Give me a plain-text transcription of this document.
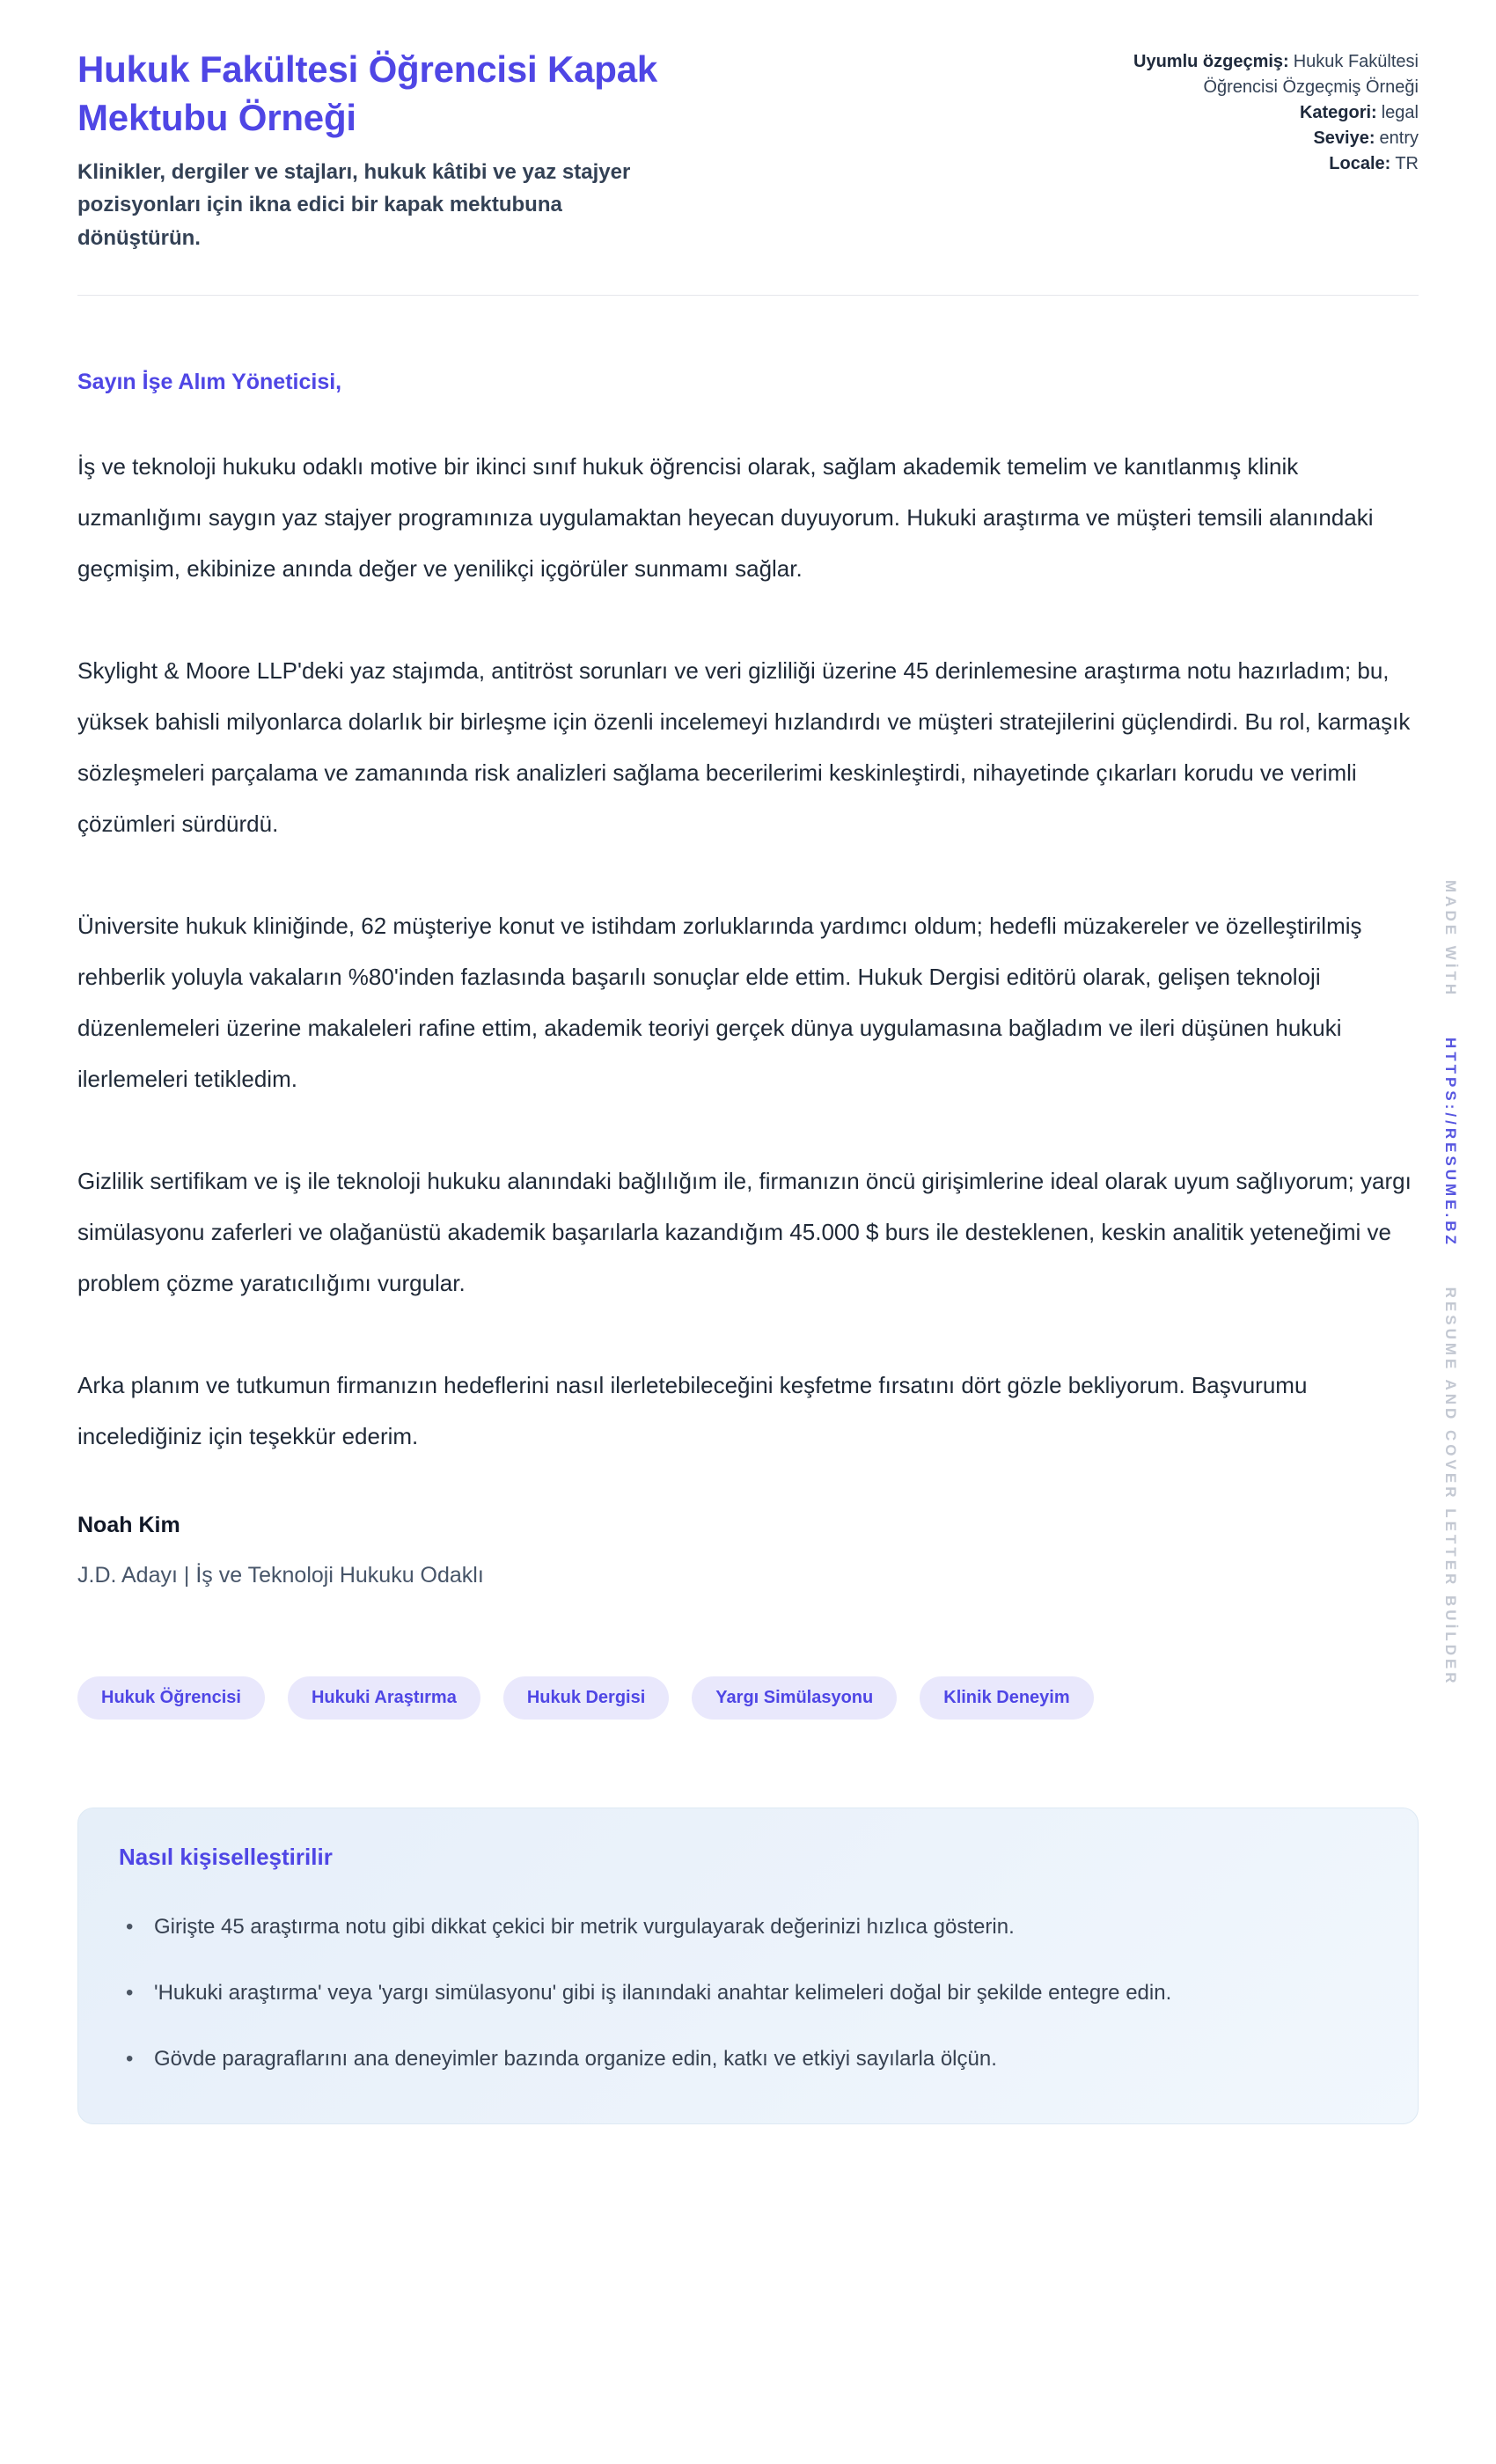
Hukuk Fakültesi Öğrencisi Kapak Mektubu Örneği
Klinikler, dergiler ve stajları, hukuk kâtibi ve yaz stajyer pozisyonları için ikna edici bir kapak mektubuna dönüştürün.
Uyumlu özgeçmiş: Hukuk Fakültesi Öğrencisi Özgeçmiş Örneği
Kategori: legal
Seviye: entry
Locale: TR
Sayın İşe Alım Yöneticisi,

İş ve teknoloji hukuku odaklı motive bir ikinci sınıf hukuk öğrencisi olarak, sağlam akademik temelim ve kanıtlanmış klinik uzmanlığımı saygın yaz stajyer programınıza uygulamaktan heyecan duyuyorum. Hukuki araştırma ve müşteri temsili alanındaki geçmişim, ekibinize anında değer ve yenilikçi içgörüler sunmamı sağlar.

Skylight & Moore LLP'deki yaz stajımda, antitröst sorunları ve veri gizliliği üzerine 45 derinlemesine araştırma notu hazırladım; bu, yüksek bahisli milyonlarca dolarlık bir birleşme için özenli incelemeyi hızlandırdı ve müşteri stratejilerini güçlendirdi. Bu rol, karmaşık sözleşmeleri parçalama ve zamanında risk analizleri sağlama becerilerimi keskinleştirdi, nihayetinde çıkarları korudu ve verimli çözümleri sürdürdü.

Üniversite hukuk kliniğinde, 62 müşteriye konut ve istihdam zorluklarında yardımcı oldum; hedefli müzakereler ve özelleştirilmiş rehberlik yoluyla vakaların %80'inden fazlasında başarılı sonuçlar elde ettim. Hukuk Dergisi editörü olarak, gelişen teknoloji düzenlemeleri üzerine makaleleri rafine ettim, akademik teoriyi gerçek dünya uygulamasına bağladım ve ileri düşünen hukuki ilerlemeleri tetikledim.

Gizlilik sertifikam ve iş ile teknoloji hukuku alanındaki bağlılığım ile, firmanızın öncü girişimlerine ideal olarak uyum sağlıyorum; yargı simülasyonu zaferleri ve olağanüstü akademik başarılarla kazandığım 45.000 $ burs ile desteklenen, keskin analitik yeteneğimi ve problem çözme yaratıcılığımı vurgular.

Arka planım ve tutkumun firmanızın hedeflerini nasıl ilerletebileceğini keşfetme fırsatını dört gözle bekliyorum. Başvurumu incelediğiniz için teşekkür ederim.

Noah Kim
J.D. Adayı | İş ve Teknoloji Hukuku Odaklı
Hukuk Öğrencisi	Hukuki Araştırma	Hukuk Dergisi	Yargı Simülasyonu	Klinik Deneyim
Nasıl kişiselleştirilir
• Girişte 45 araştırma notu gibi dikkat çekici bir metrik vurgulayarak değerinizi hızlıca gösterin.
• 'Hukuki araştırma' veya 'yargı simülasyonu' gibi iş ilanındaki anahtar kelimeleri doğal bir şekilde entegre edin.
• Gövde paragraflarını ana deneyimler bazında organize edin, katkı ve etkiyi sayılarla ölçün.
MADE WİTH HTTPS://RESUME.BZ RESUME AND COVER LETTER BUİLDER
